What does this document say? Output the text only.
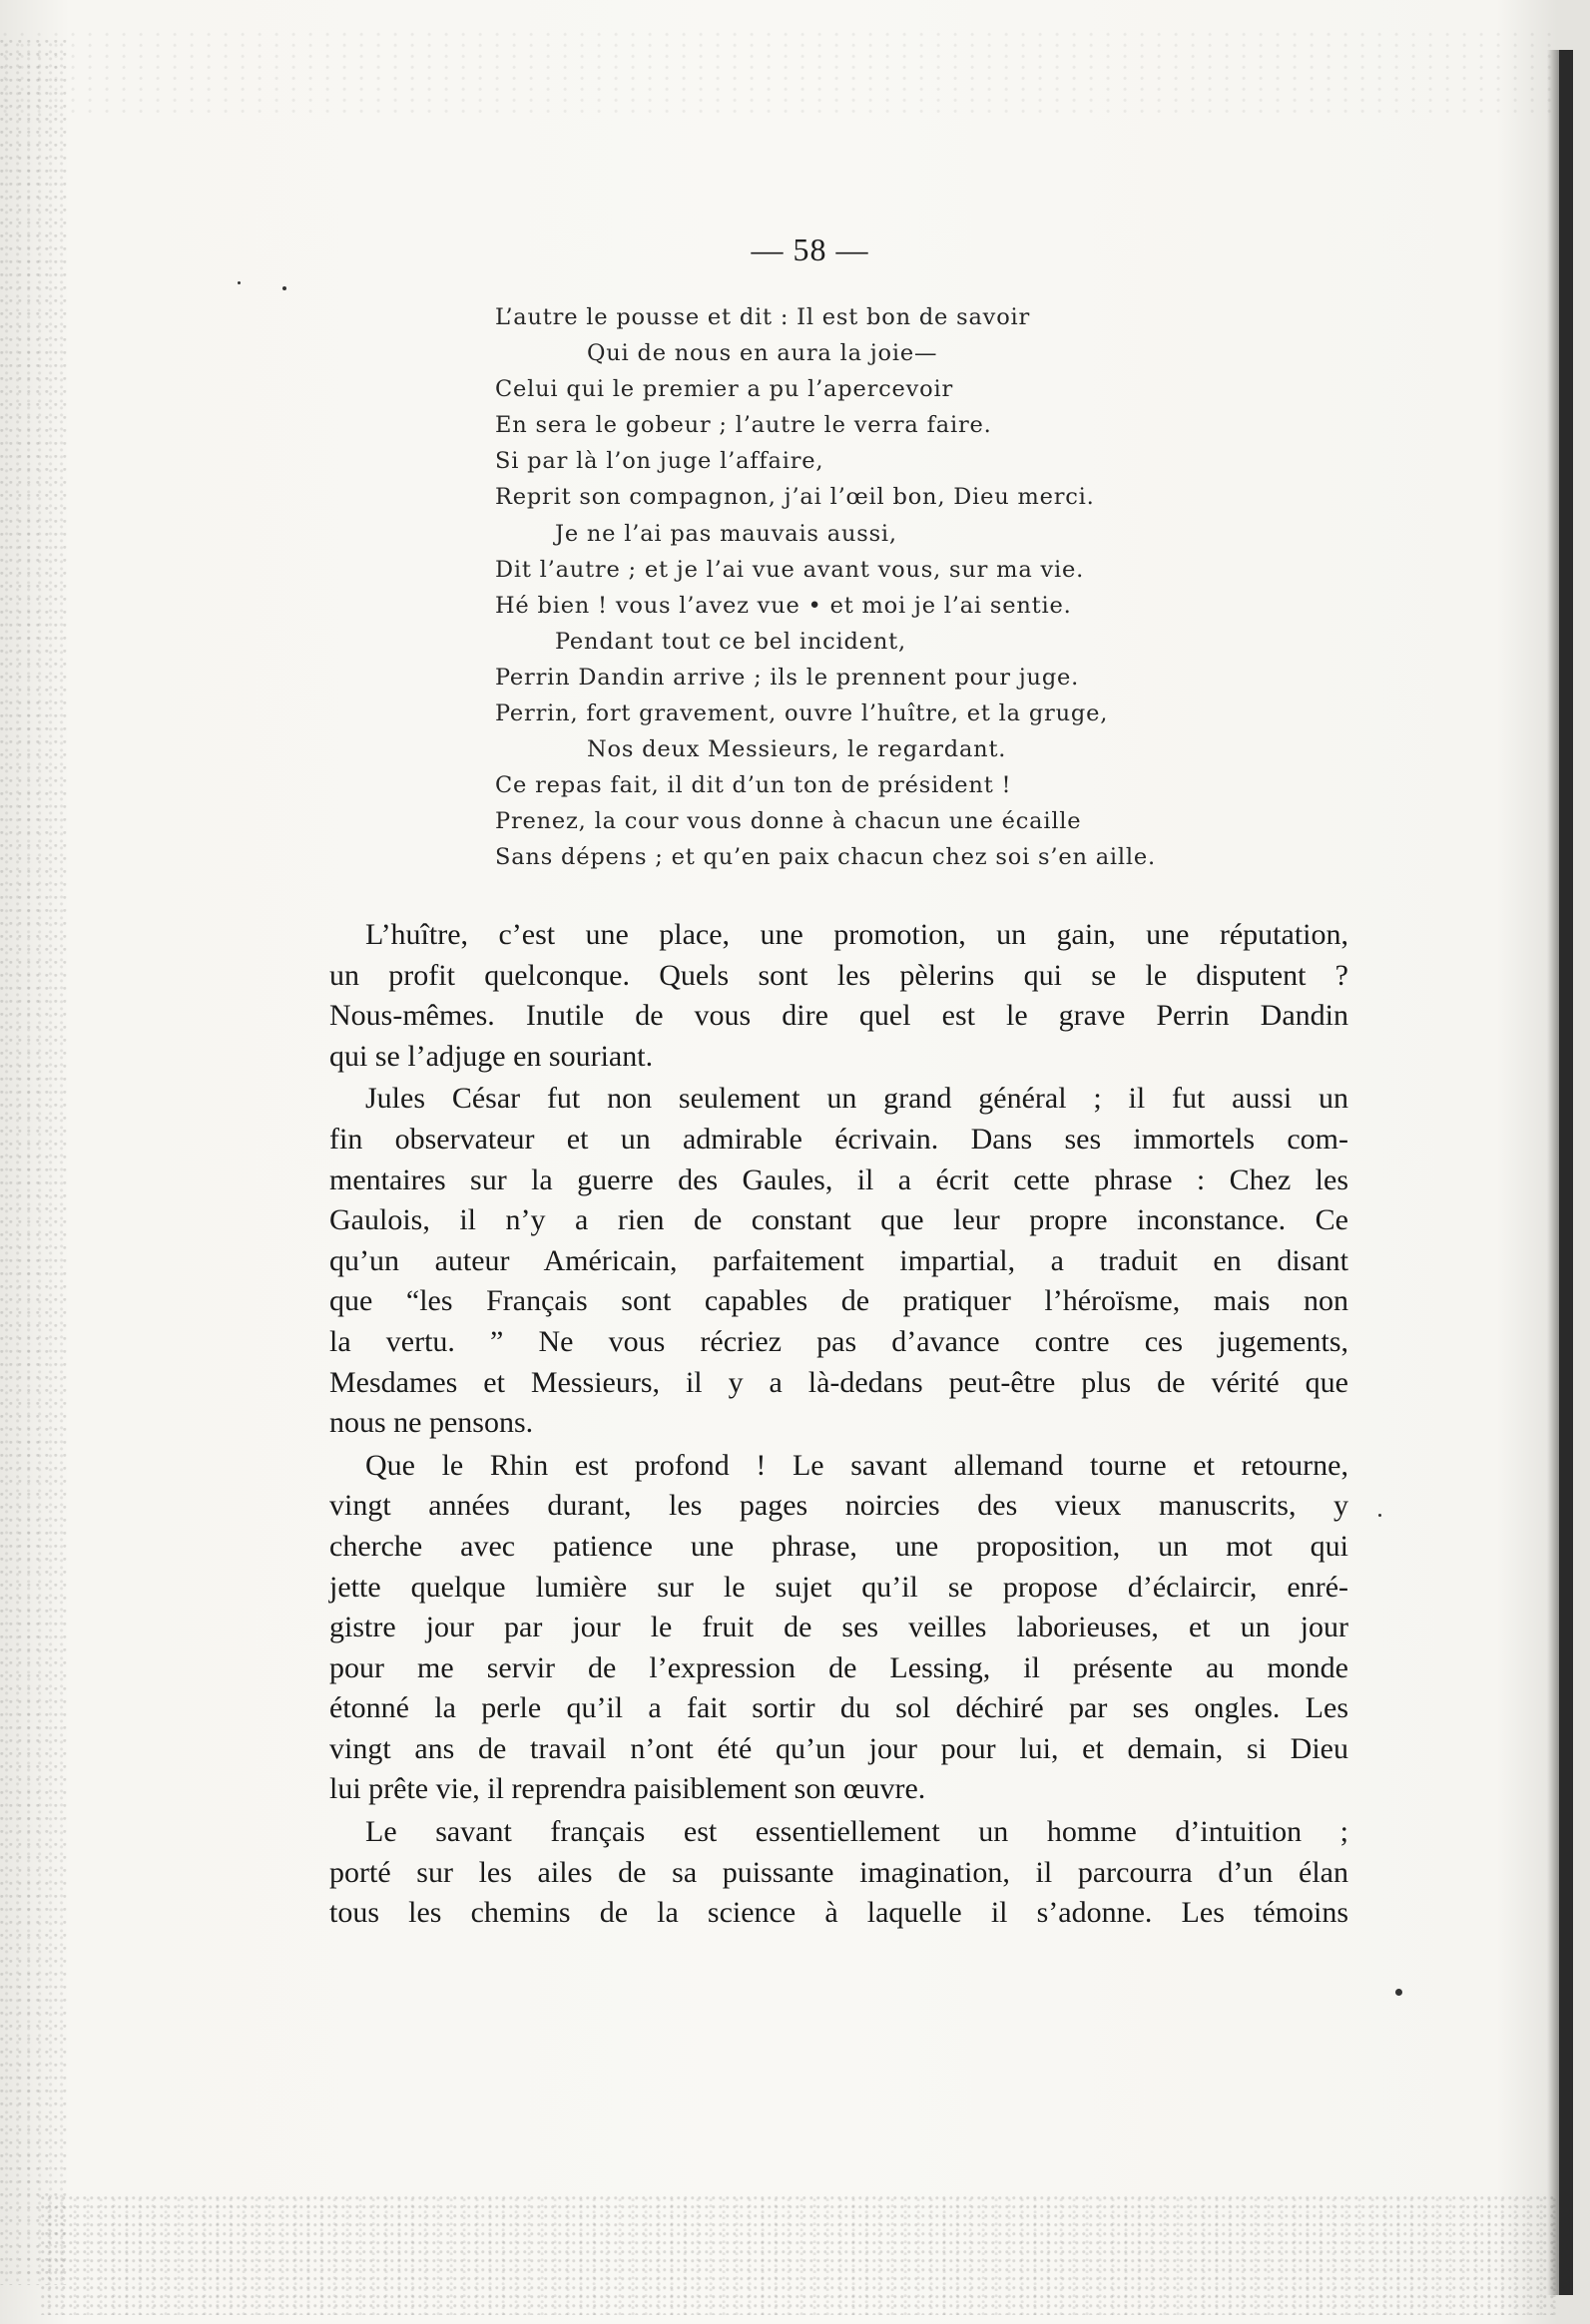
— 58 —
L’autre le pousse et dit : Il est bon de savoir
Qui de nous en aura la joie—
Celui qui le premier a pu l’apercevoir
En sera le gobeur ; l’autre le verra faire.
Si par là l’on juge l’affaire,
Reprit son compagnon, j’ai l’œil bon, Dieu merci.
Je ne l’ai pas mauvais aussi,
Dit l’autre ; et je l’ai vue avant vous, sur ma vie.
Hé bien ! vous l’avez vue • et moi je l’ai sentie.
Pendant tout ce bel incident,
Perrin Dandin arrive ; ils le prennent pour juge.
Perrin, fort gravement, ouvre l’huître, et la gruge,
Nos deux Messieurs, le regardant.
Ce repas fait, il dit d’un ton de président !
Prenez, la cour vous donne à chacun une écaille
Sans dépens ; et qu’en paix chacun chez soi s’en aille.

L’huître, c’est une place, une promotion, un gain, une réputation,
un profit quelconque. Quels sont les pèlerins qui se le disputent ?
Nous-mêmes. Inutile de vous dire quel est le grave Perrin Dandin
qui se l’adjuge en souriant.

Jules César fut non seulement un grand général ; il fut aussi un
fin observateur et un admirable écrivain. Dans ses immortels com-
mentaires sur la guerre des Gaules, il a écrit cette phrase : Chez les
Gaulois, il n’y a rien de constant que leur propre inconstance. Ce
qu’un auteur Américain, parfaitement impartial, a traduit en disant
que “les Français sont capables de pratiquer l’héroïsme, mais non
la vertu. ” Ne vous récriez pas d’avance contre ces jugements,
Mesdames et Messieurs, il y a là-dedans peut-être plus de vérité que
nous ne pensons.

Que le Rhin est profond ! Le savant allemand tourne et retourne,
vingt années durant, les pages noircies des vieux manuscrits, y
cherche avec patience une phrase, une proposition, un mot qui
jette quelque lumière sur le sujet qu’il se propose d’éclaircir, enré-
gistre jour par jour le fruit de ses veilles laborieuses, et un jour
pour me servir de l’expression de Lessing, il présente au monde
étonné la perle qu’il a fait sortir du sol déchiré par ses ongles. Les
vingt ans de travail n’ont été qu’un jour pour lui, et demain, si Dieu
lui prête vie, il reprendra paisiblement son œuvre.

Le savant français est essentiellement un homme d’intuition ;
porté sur les ailes de sa puissante imagination, il parcourra d’un élan
tous les chemins de la science à laquelle il s’adonne. Les témoins
